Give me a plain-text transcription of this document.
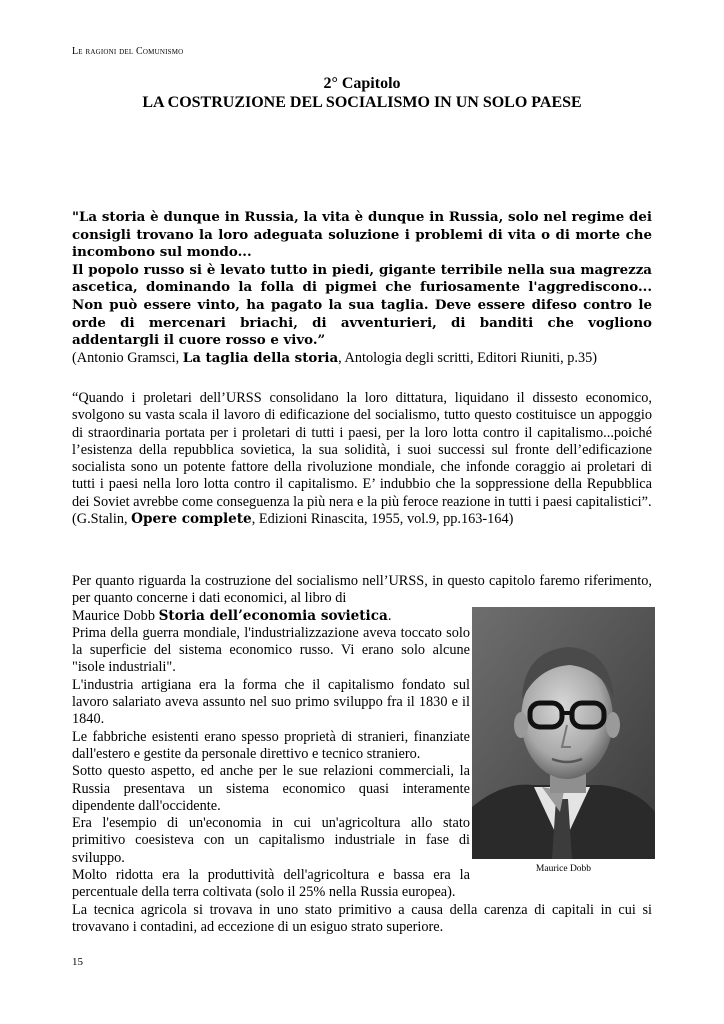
Le ragioni del Comunismo
2° Capitolo
LA COSTRUZIONE DEL SOCIALISMO IN UN SOLO PAESE
"La storia è dunque in Russia, la vita è dunque in Russia, solo nel regime dei consigli trovano la loro adeguata soluzione i problemi di vita o di morte che incombono sul mondo...
Il popolo russo si è levato tutto in piedi, gigante terribile nella sua magrezza ascetica, dominando la folla di pigmei che furiosamente l'aggrediscono... Non può essere vinto, ha pagato la sua taglia. Deve essere difeso contro le orde di mercenari briachi, di avventurieri, di banditi che vogliono addentargli il cuore rosso e vivo.”
(Antonio Gramsci, La taglia della storia, Antologia degli scritti, Editori Riuniti, p.35)
“Quando i proletari dell’URSS consolidano la loro dittatura, liquidano il dissesto economico, svolgono su vasta scala il lavoro di edificazione del socialismo, tutto questo costituisce un appoggio di straordinaria portata per i proletari di tutti i paesi, per la loro lotta contro il capitalismo...poiché l’esistenza della repubblica sovietica, la sua solidità, i suoi successi sul fronte dell’edificazione socialista sono un potente fattore della rivoluzione mondiale, che infonde coraggio ai proletari di tutti i paesi nella loro lotta contro il capitalismo. E’ indubbio che la soppressione della Repubblica dei Soviet avrebbe come conseguenza la più nera e la più feroce reazione in tutti i paesi capitalistici”.
(G.Stalin, Opere complete, Edizioni Rinascita, 1955, vol.9, pp.163-164)

Per quanto riguarda la costruzione del socialismo nell’URSS, in questo capitolo faremo riferimento, per quanto concerne i dati economici, al libro di

Maurice Dobb Storia dell’economia sovietica.

Prima della guerra mondiale, l'industrializzazione aveva toccato solo la superficie del sistema economico russo. Vi erano solo alcune "isole industriali".

L'industria artigiana era la forma che il capitalismo fondato sul lavoro salariato aveva assunto nel suo primo sviluppo fra il 1830 e il 1840.

Le fabbriche esistenti erano spesso proprietà di stranieri, finanziate dall'estero e gestite da personale direttivo e tecnico straniero.

Sotto questo aspetto, ed anche per le sue relazioni commerciali, la Russia presentava un sistema economico quasi interamente dipendente dall'occidente.

Era l'esempio di un'economia in cui un'agricoltura allo stato primitivo coesisteva con un capitalismo industriale in fase di sviluppo.

Molto ridotta era la produttività dell'agricoltura e bassa era la percentuale della terra coltivata (solo il 25% nella Russia europea).

La tecnica agricola si trovava in uno stato primitivo a causa della carenza di capitali in cui si trovavano i contadini, ad eccezione di un esiguo strato superiore.

Maurice Dobb
15
